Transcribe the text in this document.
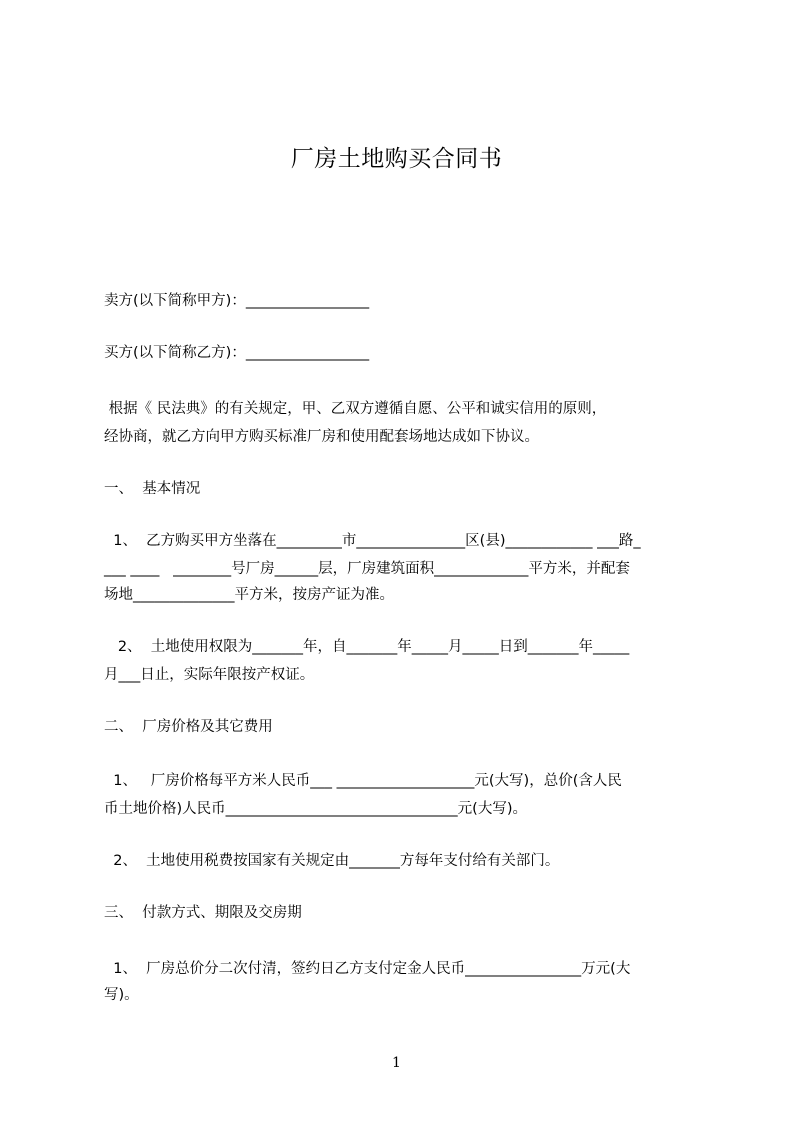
厂房土地购买合同书
卖方(以下简称甲方)：_________________
买方(以下简称乙方)：_________________
根据《 民法典》的有关规定，甲、乙双方遵循自愿、公平和诚实信用的原则，
经协商，就乙方向甲方购买标准厂房和使用配套场地达成如下协议。
一、  基本情况
1、  乙方购买甲方坐落在_________市_______________区(县)____________ ___路_
___ ____   ________号厂房______层，厂房建筑面积_____________平方米，并配套
场地______________平方米，按房产证为准。
2、  土地使用权限为_______年，自_______年_____月_____日到_______年_____
月___日止，实际年限按产权证。
二、  厂房价格及其它费用
1、   厂房价格每平方米人民币___ ___________________元(大写)，总价(含人民
币土地价格)人民币________________________________元(大写)。
2、  土地使用税费按国家有关规定由_______方每年支付给有关部门。
三、  付款方式、期限及交房期
1、  厂房总价分二次付清，签约日乙方支付定金人民币________________万元(大
写)。
1
